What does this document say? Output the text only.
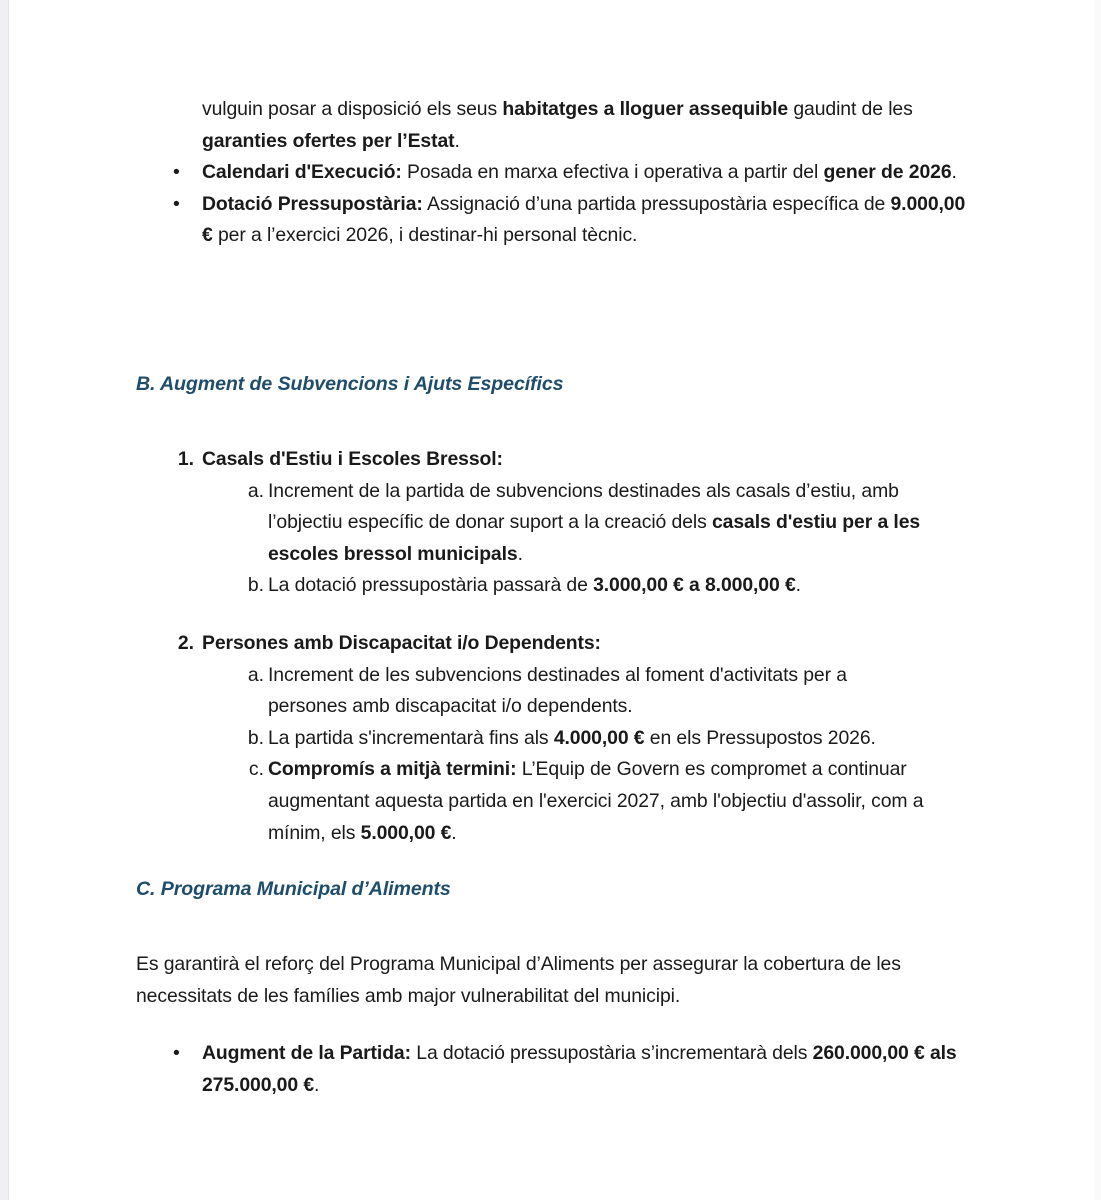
vulguin posar a disposició els seus habitatges a lloguer assequible gaudint de les garanties ofertes per l’Estat.
• Calendari d'Execució: Posada en marxa efectiva i operativa a partir del gener de 2026.
• Dotació Pressupostària: Assignació d’una partida pressupostària específica de 9.000,00 € per a l’exercici 2026, i destinar-hi personal tècnic.
B. Augment de Subvencions i Ajuts Específics
1. Casals d'Estiu i Escoles Bressol:
a. Increment de la partida de subvencions destinades als casals d’estiu, amb l’objectiu específic de donar suport a la creació dels casals d'estiu per a les escoles bressol municipals.
b. La dotació pressupostària passarà de 3.000,00 € a 8.000,00 €.
2. Persones amb Discapacitat i/o Dependents:
a. Increment de les subvencions destinades al foment d'activitats per a persones amb discapacitat i/o dependents.
b. La partida s'incrementarà fins als 4.000,00 € en els Pressupostos 2026.
c. Compromís a mitjà termini: L’Equip de Govern es compromet a continuar augmentant aquesta partida en l'exercici 2027, amb l'objectiu d'assolir, com a mínim, els 5.000,00 €.
C. Programa Municipal d’Aliments
Es garantirà el reforç del Programa Municipal d’Aliments per assegurar la cobertura de les necessitats de les famílies amb major vulnerabilitat del municipi.
• Augment de la Partida: La dotació pressupostària s’incrementarà dels 260.000,00 € als 275.000,00 €.
